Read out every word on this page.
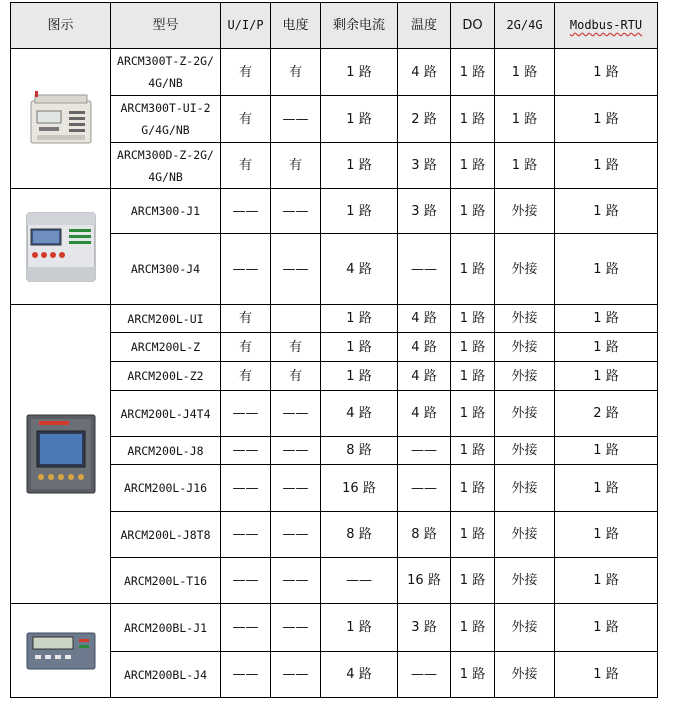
图示	型号	U/I/P	电度	剩余电流	温度	DO	2G/4G	Modbus-RTU

	ARCM300T-Z-2G/4G/NB	有	有	1 路	4 路	1 路	1 路	1 路
	ARCM300T-UI-2G/4G/NB	有	——	1 路	2 路	1 路	1 路	1 路
	ARCM300D-Z-2G/4G/NB	有	有	1 路	3 路	1 路	1 路	1 路

	ARCM300-J1	——	——	1 路	3 路	1 路	外接	1 路
	ARCM300-J4	——	——	4 路	——	1 路	外接	1 路

	ARCM200L-UI	有		1 路	4 路	1 路	外接	1 路
	ARCM200L-Z	有	有	1 路	4 路	1 路	外接	1 路
	ARCM200L-Z2	有	有	1 路	4 路	1 路	外接	1 路
	ARCM200L-J4T4	——	——	4 路	4 路	1 路	外接	2 路
	ARCM200L-J8	——	——	8 路	——	1 路	外接	1 路
	ARCM200L-J16	——	——	16 路	——	1 路	外接	1 路
	ARCM200L-J8T8	——	——	8 路	8 路	1 路	外接	1 路
	ARCM200L-T16	——	——	——	16 路	1 路	外接	1 路

	ARCM200BL-J1	——	——	1 路	3 路	1 路	外接	1 路
	ARCM200BL-J4	——	——	4 路	——	1 路	外接	1 路
